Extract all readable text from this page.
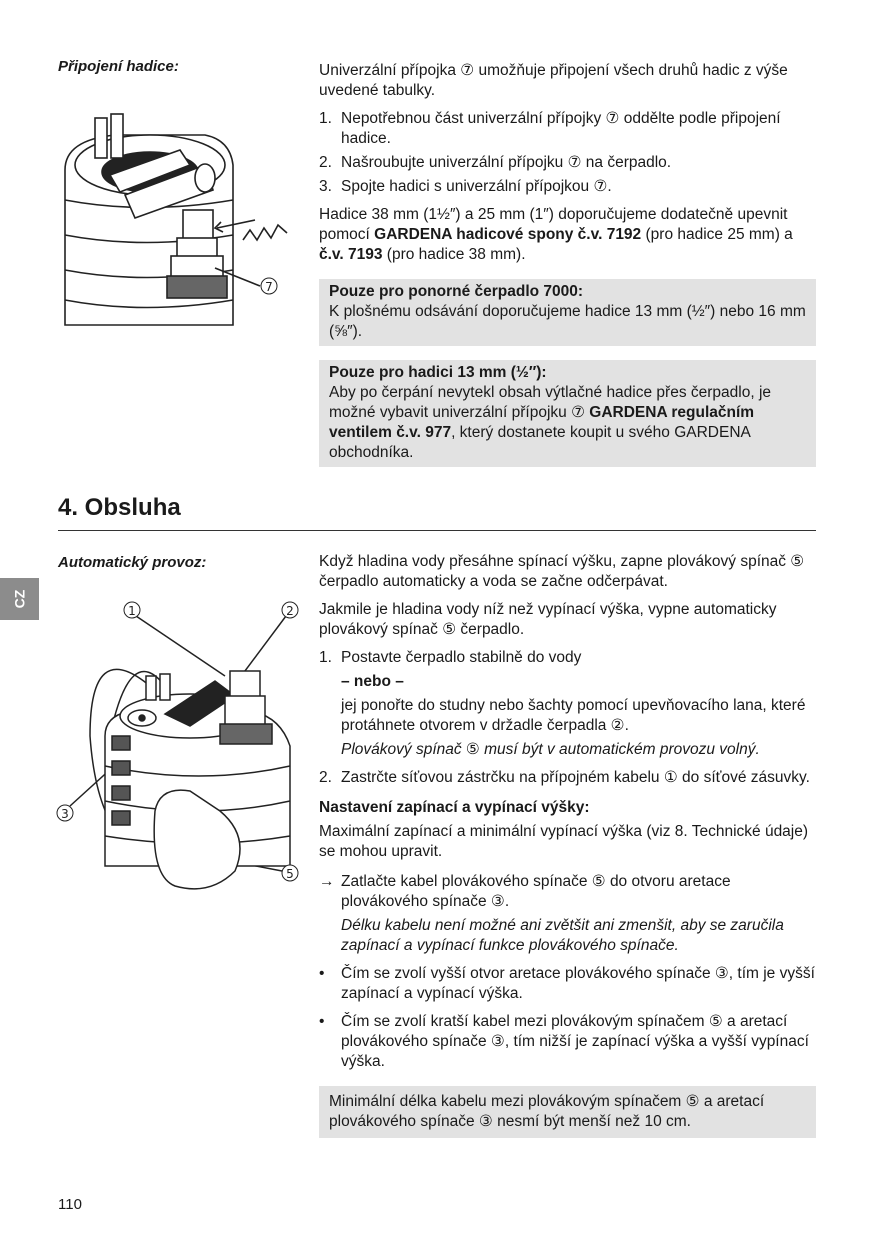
Připojení hadice:
7

Univerzální přípojka ⑦ umožňuje připojení všech druhů hadic z výše uvedené tabulky.

1. Nepotřebnou část univerzální přípojky ⑦ oddělte podle připojení hadice.
2. Našroubujte univerzální přípojku ⑦ na čerpadlo.
3. Spojte hadici s univerzální přípojkou ⑦.

Hadice 38 mm (1½″) a 25 mm (1″) doporučujeme dodatečně upevnit pomocí GARDENA hadicové spony č.v. 7192 (pro hadice 25 mm) a č.v. 7193 (pro hadice 38 mm).

Pouze pro ponorné čerpadlo 7000:
K plošnému odsávání doporučujeme hadice 13 mm (½″) nebo 16 mm (⅝″).
Pouze pro hadici 13 mm (½″):
Aby po čerpání nevytekl obsah výtlačné hadice přes čerpadlo, je možné vybavit univerzální přípojku ⑦ GARDENA regulačním ventilem č.v. 977, který dostanete koupit u svého GARDENA obchodníka.
4. Obsluha
CZ
Automatický provoz:
1	2
3
5

Když hladina vody přesáhne spínací výšku, zapne plovákový spínač ⑤ čerpadlo automaticky a voda se začne odčerpávat.

Jakmile je hladina vody níž než vypínací výška, vypne automaticky plovákový spínač ⑤ čerpadlo.

1. Postavte čerpadlo stabilně do vody
– nebo –
jej ponořte do studny nebo šachty pomocí upevňovacího lana, které protáhnete otvorem v držadle čerpadla ②.
Plovákový spínač ⑤ musí být v automatickém provozu volný.
2. Zastrčte síťovou zástrčku na přípojném kabelu ① do síťové zásuvky.

Nastavení zapínací a vypínací výšky:

Maximální zapínací a minimální vypínací výška (viz 8. Technické údaje) se mohou upravit.

→ Zatlačte kabel plovákového spínače ⑤ do otvoru aretace plovákového spínače ③.
Délku kabelu není možné ani zvětšit ani zmenšit, aby se zaručila zapínací a vypínací funkce plovákového spínače.
• Čím se zvolí vyšší otvor aretace plovákového spínače ③, tím je vyšší zapínací a vypínací výška.
• Čím se zvolí kratší kabel mezi plovákovým spínačem ⑤ a aretací plovákového spínače ③, tím nižší je zapínací výška a vyšší vypínací výška.
Minimální délka kabelu mezi plovákovým spínačem ⑤ a aretací plovákového spínače ③ nesmí být menší než 10 cm.
110
